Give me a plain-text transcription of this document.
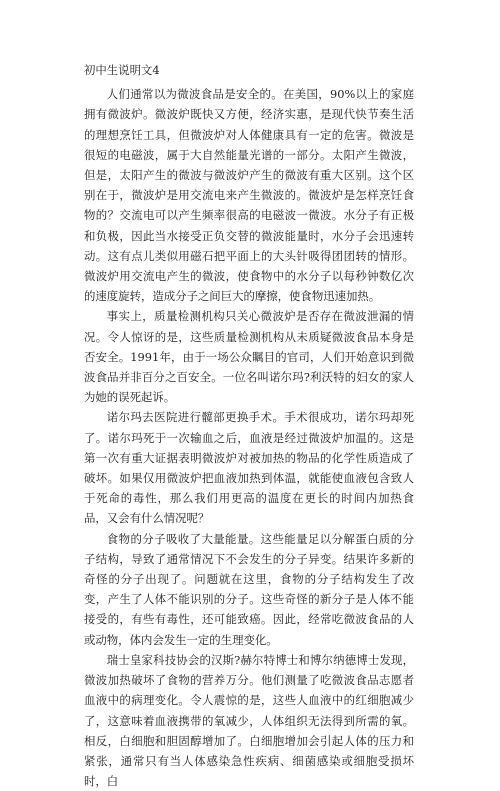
初中生说明文4

人们通常以为微波食品是安全的。在美国，90%以上的家庭拥有微波炉。微波炉既快又方便，经济实惠，是现代快节奏生活的理想烹饪工具，但微波炉对人体健康具有一定的危害。微波是很短的电磁波，属于大自然能量光谱的一部分。太阳产生微波，但是，太阳产生的微波与微波炉产生的微波有重大区别。这个区别在于，微波炉是用交流电来产生微波的。微波炉是怎样烹饪食物的？交流电可以产生频率很高的电磁波一微波。水分子有正极和负极，因此当水接受正负交替的微波能量时，水分子会迅速转动。这有点儿类似用磁石把平面上的大头针吸得团团转的情形。微波炉用交流电产生的微波，使食物中的水分子以每秒钟数亿次的速度旋转，造成分子之间巨大的摩擦，使食物迅速加热。

事实上，质量检测机构只关心微波炉是否存在微波泄漏的情况。令人惊讶的是，这些质量检测机构从未质疑微波食品本身是否安全。1991年，由于一场公众瞩目的官司，人们开始意识到微波食品并非百分之百安全。一位名叫诺尔玛?利沃特的妇女的家人为她的误死起诉。

诺尔玛去医院进行髋部更换手术。手术很成功，诺尔玛却死了。诺尔玛死于一次输血之后，血液是经过微波炉加温的。这是第一次有重大证据表明微波炉对被加热的物品的化学性质造成了破坏。如果仅用微波炉把血液加热到体温，就能使血液包含致人于死命的毒性，那么我们用更高的温度在更长的时间内加热食品，又会有什么情况呢？

食物的分子吸收了大量能量。这些能量足以分解蛋白质的分子结构，导致了通常情况下不会发生的分子异变。结果许多新的奇怪的分子出现了。问题就在这里，食物的分子结构发生了改变，产生了人体不能识别的分子。这些奇怪的新分子是人体不能接受的，有些有毒性，还可能致癌。因此，经常吃微波食品的人或动物，体内会发生一定的生理变化。

瑞士皇家科技协会的汉斯?赫尔特博士和博尔纳德博士发现，微波加热破坏了食物的营养万分。他们测量了吃微波食品志愿者血液中的病理变化。令人震惊的是，这些人血液中的红细胞减少了，这意味着血液携带的氧减少，人体组织无法得到所需的氧。相反，白细胞和胆固醇增加了。白细胞增加会引起人体的压力和紧张，通常只有当人体感染急性疾病、细菌感染或细胞受损坏时，白
